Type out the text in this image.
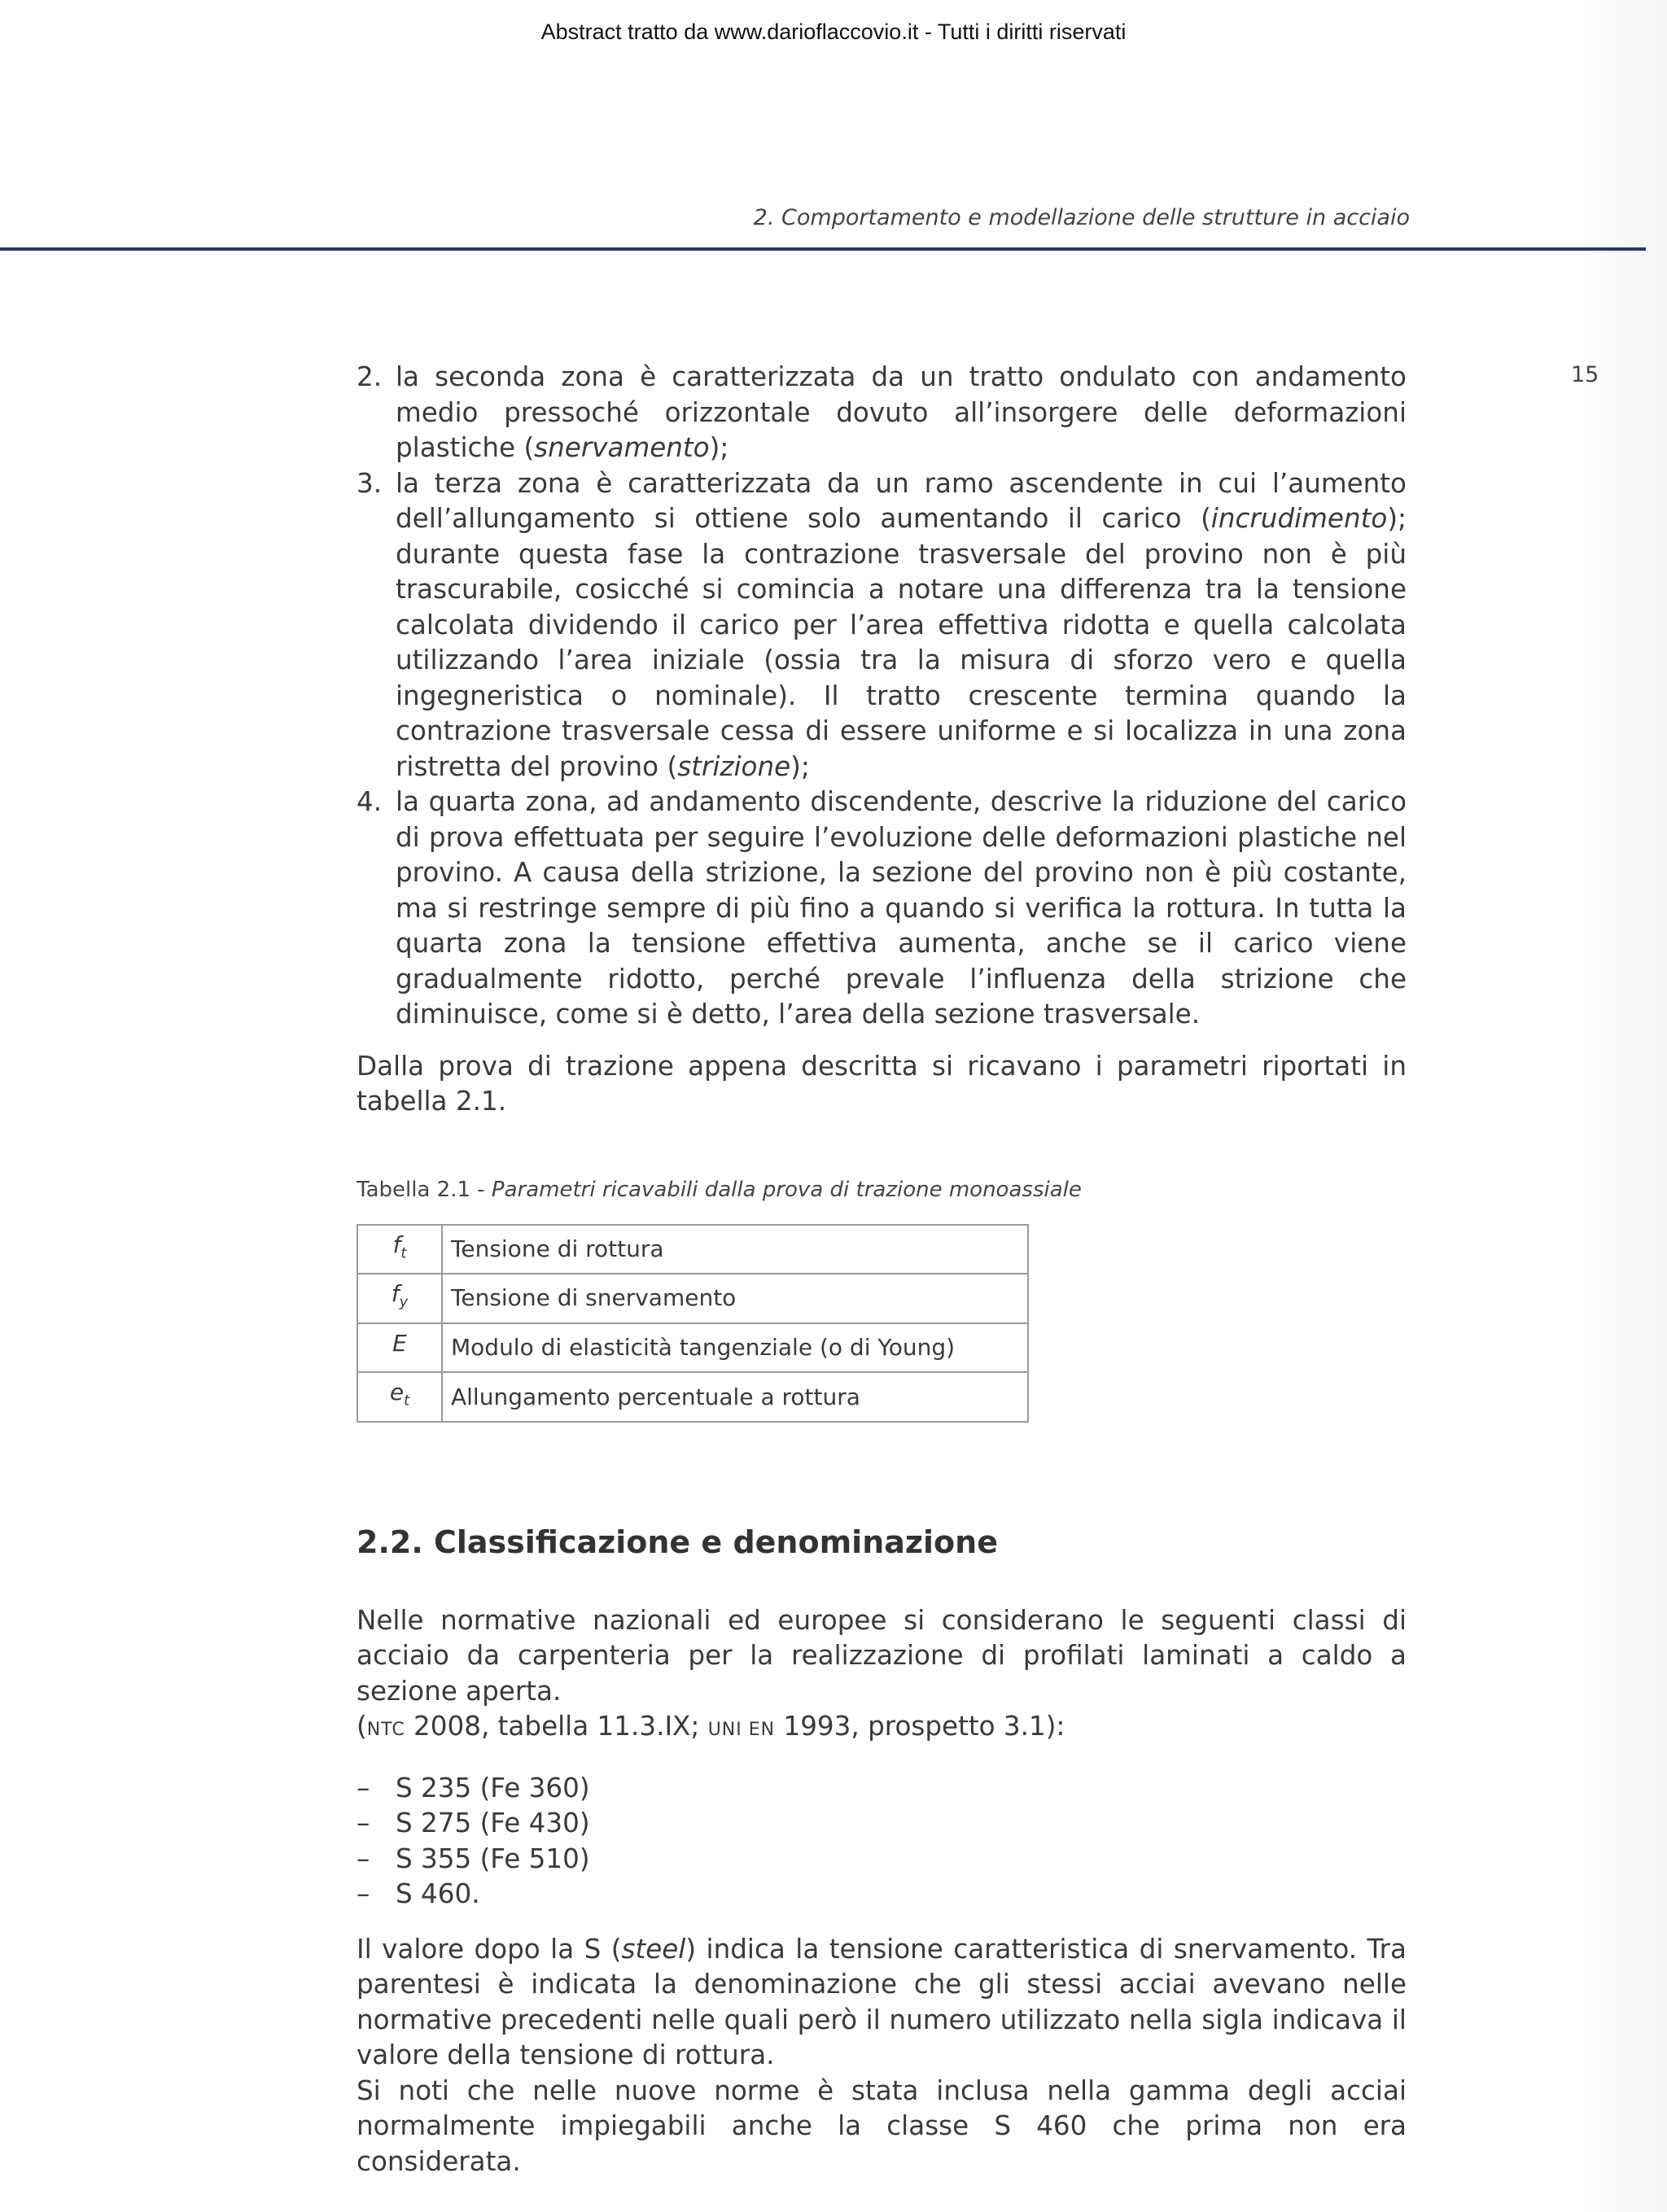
Abstract tratto da www.darioflaccovio.it - Tutti i diritti riservati
2. Comportamento e modellazione delle strutture in acciaio
15
2. la seconda zona è caratterizzata da un tratto ondulato con andamento medio pressoché orizzontale dovuto all’insorgere delle deformazioni plastiche (snervamento);
3. la terza zona è caratterizzata da un ramo ascendente in cui l’aumento dell’allungamento si ottiene solo aumentando il carico (incrudimento); durante questa fase la contrazione trasversale del provino non è più trascurabile, cosicché si comincia a notare una differenza tra la tensione calcolata dividendo il carico per l’area effettiva ridotta e quella calcolata utilizzando l’area iniziale (ossia tra la misura di sforzo vero e quella ingegneristica o nominale). Il tratto crescente termina quando la contrazione trasversale cessa di essere uniforme e si localizza in una zona ristretta del provino (strizione);
4. la quarta zona, ad andamento discendente, descrive la riduzione del carico di prova effettuata per seguire l’evoluzione delle deformazioni plastiche nel provino. A causa della strizione, la sezione del provino non è più costante, ma si restringe sempre di più fino a quando si verifica la rottura. In tutta la quarta zona la tensione effettiva aumenta, anche se il carico viene gradualmente ridotto, perché prevale l’influenza della strizione che diminuisce, come si è detto, l’area della sezione trasversale.

Dalla prova di trazione appena descritta si ricavano i parametri riportati in tabella 2.1.

Tabella 2.1 - Parametri ricavabili dalla prova di trazione monoassiale
$f_t$	Tensione di rottura
$f_y$	Tensione di snervamento
E	Modulo di elasticità tangenziale (o di Young)
$e_t$	Allungamento percentuale a rottura
2.2. Classificazione e denominazione

Nelle normative nazionali ed europee si considerano le seguenti classi di acciaio da carpenteria per la realizzazione di profilati laminati a caldo a sezione aperta.
(NTC 2008, tabella 11.3.IX; UNI EN 1993, prospetto 3.1):

– S 235 (Fe 360)
– S 275 (Fe 430)
– S 355 (Fe 510)
– S 460.

Il valore dopo la S (steel) indica la tensione caratteristica di snervamento. Tra parentesi è indicata la denominazione che gli stessi acciai avevano nelle normative precedenti nelle quali però il numero utilizzato nella sigla indicava il valore della tensione di rottura.

Si noti che nelle nuove norme è stata inclusa nella gamma degli acciai normalmente impiegabili anche la classe S 460 che prima non era considerata.
